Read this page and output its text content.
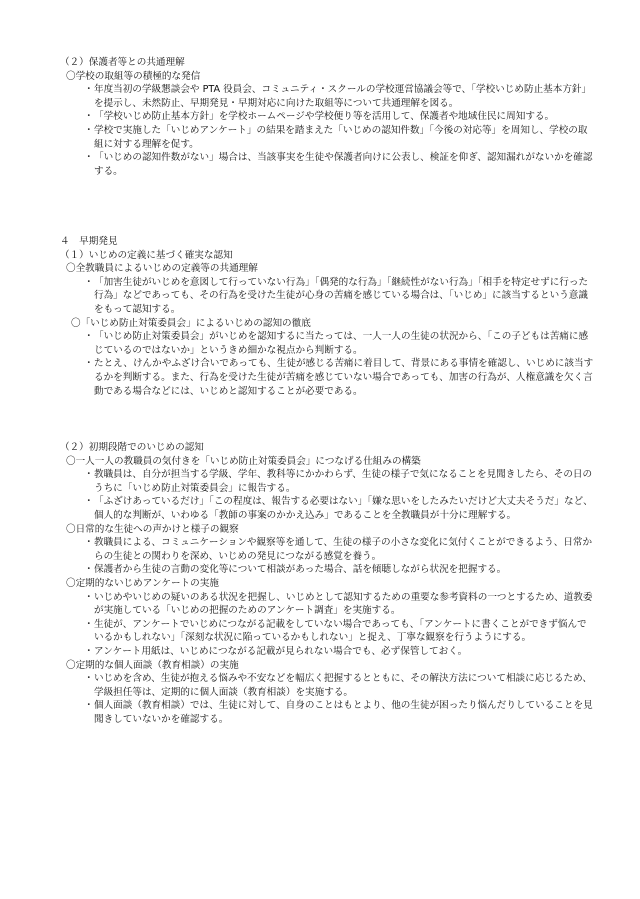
（２）保護者等との共通理解
〇学校の取組等の積極的な発信
・ 年度当初の学級懇談会や PTA 役員会、コミュニティ・スクールの学校運営協議会等で、「学校いじめ防止基本方針」を提示し、未然防止、早期発見・早期対応に向けた取組等について共通理解を図る。
・ 「学校いじめ防止基本方針」を学校ホームページや学校便り等を活用して、保護者や地域住民に周知する。
・ 学校で実施した「いじめアンケート」の結果を踏まえた「いじめの認知件数」「今後の対応等」を周知し、学校の取組に対する理解を促す。
・ 「いじめの認知件数がない」場合は、当該事実を生徒や保護者向けに公表し、検証を仰ぎ、認知漏れがないかを確認する。
４　早期発見
（１）いじめの定義に基づく確実な認知
〇全教職員によるいじめの定義等の共通理解
・ 「加害生徒がいじめを意図して行っていない行為」「偶発的な行為」「継続性がない行為」「相手を特定せずに行った行為」などであっても、その行為を受けた生徒が心身の苦痛を感じている場合は、「いじめ」に該当するという意識をもって認知する。
〇「いじめ防止対策委員会」によるいじめの認知の徹底
・ 「いじめ防止対策委員会」がいじめを認知するに当たっては、一人一人の生徒の状況から、「この子どもは苦痛に感じているのではないか」というきめ細かな視点から判断する。
・ たとえ、けんかやふざけ合いであっても、生徒が感じる苦痛に着目して、背景にある事情を確認し、いじめに該当するかを判断する。また、行為を受けた生徒が苦痛を感じていない場合であっても、加害の行為が、人権意識を欠く言動である場合などには、いじめと認知することが必要である。
（２）初期段階でのいじめの認知
〇一人一人の教職員の気付きを「いじめ防止対策委員会」につなげる仕組みの構築
・ 教職員は、自分が担当する学級、学年、教科等にかかわらず、生徒の様子で気になることを見聞きしたら、その日のうちに「いじめ防止対策委員会」に報告する。
・ 「ふざけあっているだけ」「この程度は、報告する必要はない」「嫌な思いをしたみたいだけど大丈夫そうだ」など、個人的な判断が、いわゆる「教師の事案のかかえ込み」であることを全教職員が十分に理解する。
〇日常的な生徒への声かけと様子の観察
・ 教職員による、コミュニケーションや観察等を通して、生徒の様子の小さな変化に気付くことができるよう、日常からの生徒との関わりを深め、いじめの発見につながる感覚を養う。
・ 保護者から生徒の言動の変化等について相談があった場合、話を傾聴しながら状況を把握する。
〇定期的ないじめアンケートの実施
・ いじめやいじめの疑いのある状況を把握し、いじめとして認知するための重要な参考資料の一つとするため、道教委が実施している「いじめの把握のためのアンケート調査」を実施する。
・ 生徒が、アンケートでいじめにつながる記載をしていない場合であっても、「アンケートに書くことができず悩んでいるかもしれない」「深刻な状況に陥っているかもしれない」と捉え、丁寧な観察を行うようにする。
・ アンケート用紙は、いじめにつながる記載が見られない場合でも、必ず保管しておく。
〇定期的な個人面談（教育相談）の実施
・ いじめを含め、生徒が抱える悩みや不安などを幅広く把握するとともに、その解決方法について相談に応じるため、学級担任等は、定期的に個人面談（教育相談）を実施する。
・ 個人面談（教育相談）では、生徒に対して、自身のことはもとより、他の生徒が困ったり悩んだりしていることを見聞きしていないかを確認する。
